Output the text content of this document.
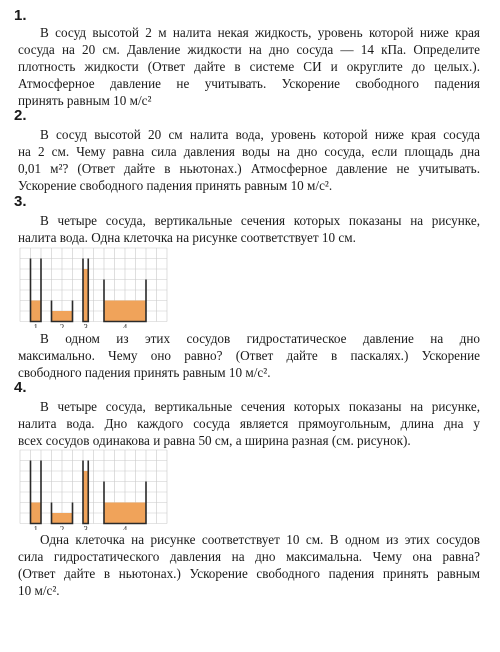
1.
В сосуд высотой 2 м налита некая жидкость, уровень которой ниже края
сосуда на 20 см. Давление жидкости на дно сосуда — 14 кПа. Определите
плотность жидкости (Ответ дайте в системе СИ и округлите до целых.).
Атмосферное давление не учитывать. Ускорение свободного падения
принять равным 10 м/с²
2.
В сосуд высотой 20 см налита вода, уровень которой ниже края сосуда
на 2 см. Чему равна сила давления воды на дно сосуда, если площадь дна
0,01 м²? (Ответ дайте в ньютонах.) Атмосферное давление не учитывать.
Ускорение свободного падения принять равным 10 м/с².
3.
В четыре сосуда, вертикальные сечения которых показаны на рисунке,
налита вода. Одна клеточка на рисунке соответствует 10 см.
1 2 3	4
В одном из этих сосудов гидростатическое давление на дно
максимально. Чему оно равно? (Ответ дайте в паскалях.) Ускорение
свободного падения принять равным 10 м/с².
4.
В четыре сосуда, вертикальные сечения которых показаны на рисунке,
налита вода. Дно каждого сосуда является прямоугольным, длина дна у
всех сосудов одинакова и равна 50 см, а ширина разная (см. рисунок).
1 2 3	4
Одна клеточка на рисунке соответствует 10 см. В одном из этих сосудов
сила гидростатического давления на дно максимальна. Чему она равна?
(Ответ дайте в ньютонах.) Ускорение свободного падения принять равным
10 м/с².
